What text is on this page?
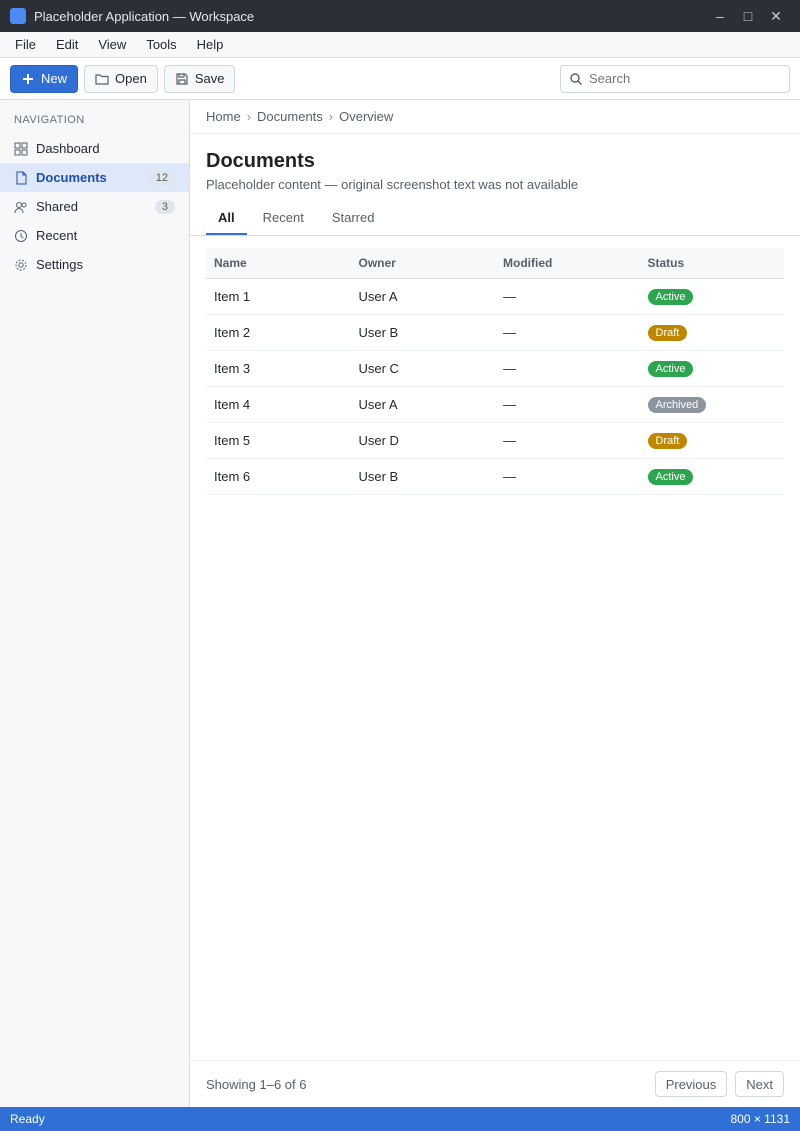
Placeholder Application — Workspace	–	□	✕
File	Edit	View	Tools	Help
New	Open	Save
Search
NAVIGATION
Dashboard
Documents	12
Shared	3
Recent
Settings
Home › Documents › Overview
Documents
Placeholder content — original screenshot text was not available
All	Recent	Starred
Name	Owner	Modified	Status
Item 1	User A	—	Active
Item 2	User B	—	Draft
Item 3	User C	—	Active
Item 4	User A	—	Archived
Item 5	User D	—	Draft
Item 6	User B	—	Active
Showing 1–6 of 6	Previous	Next
Ready	800 × 1131
